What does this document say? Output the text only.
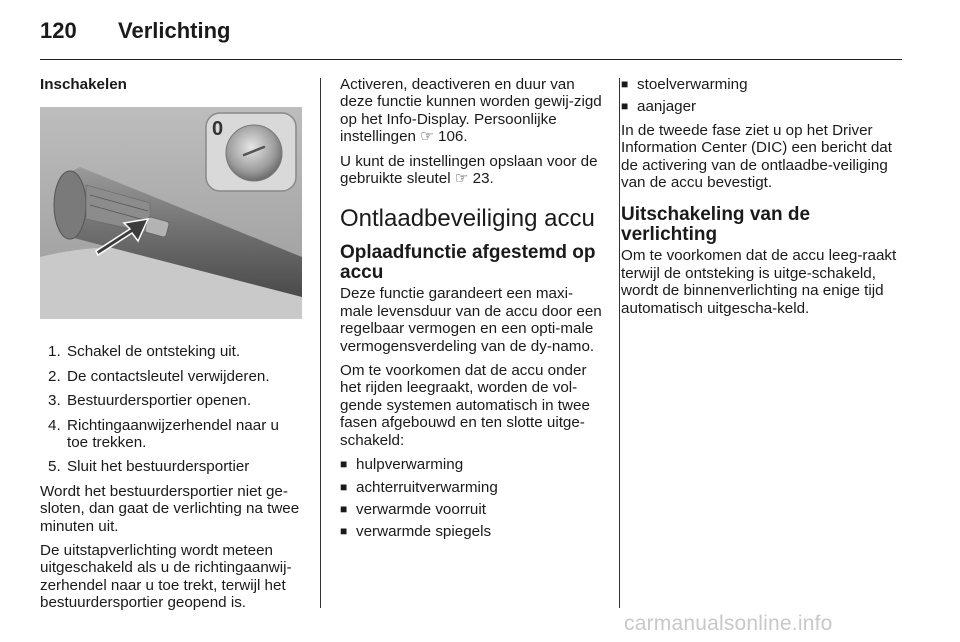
120 Verlichting

Inschakelen

0
1. Schakel de ontsteking uit.
2. De contactsleutel verwijderen.
3. Bestuurdersportier openen.
4. Richtingaanwijzerhendel naar u toe trekken.
5. Sluit het bestuurdersportier

Wordt het bestuurdersportier niet ge-sloten, dan gaat de verlichting na twee minuten uit.

De uitstapverlichting wordt meteen uitgeschakeld als u de richtingaanwij-zerhendel naar u toe trekt, terwijl het bestuurdersportier geopend is.

Activeren, deactiveren en duur van deze functie kunnen worden gewij-zigd op het Info-Display. Persoonlijke instellingen ☞ 106.

U kunt de instellingen opslaan voor de gebruikte sleutel ☞ 23.

Ontlaadbeveiliging accu
Oplaadfunctie afgestemd op accu

Deze functie garandeert een maxi-male levensduur van de accu door een regelbaar vermogen en een opti-male vermogensverdeling van de dy-namo.

Om te voorkomen dat de accu onder het rijden leegraakt, worden de vol-gende systemen automatisch in twee fasen afgebouwd en ten slotte uitge-schakeld:

■ hulpverwarming
■ achterruitverwarming
■ verwarmde voorruit
■ verwarmde spiegels
■ stoelverwarming
■ aanjager

In de tweede fase ziet u op het Driver Information Center (DIC) een bericht dat de activering van de ontlaadbe-veiliging van de accu bevestigt.

Uitschakeling van de verlichting

Om te voorkomen dat de accu leeg-raakt terwijl de ontsteking is uitge-schakeld, wordt de binnenverlichting na enige tijd automatisch uitgescha-keld.

carmanualsonline.info
